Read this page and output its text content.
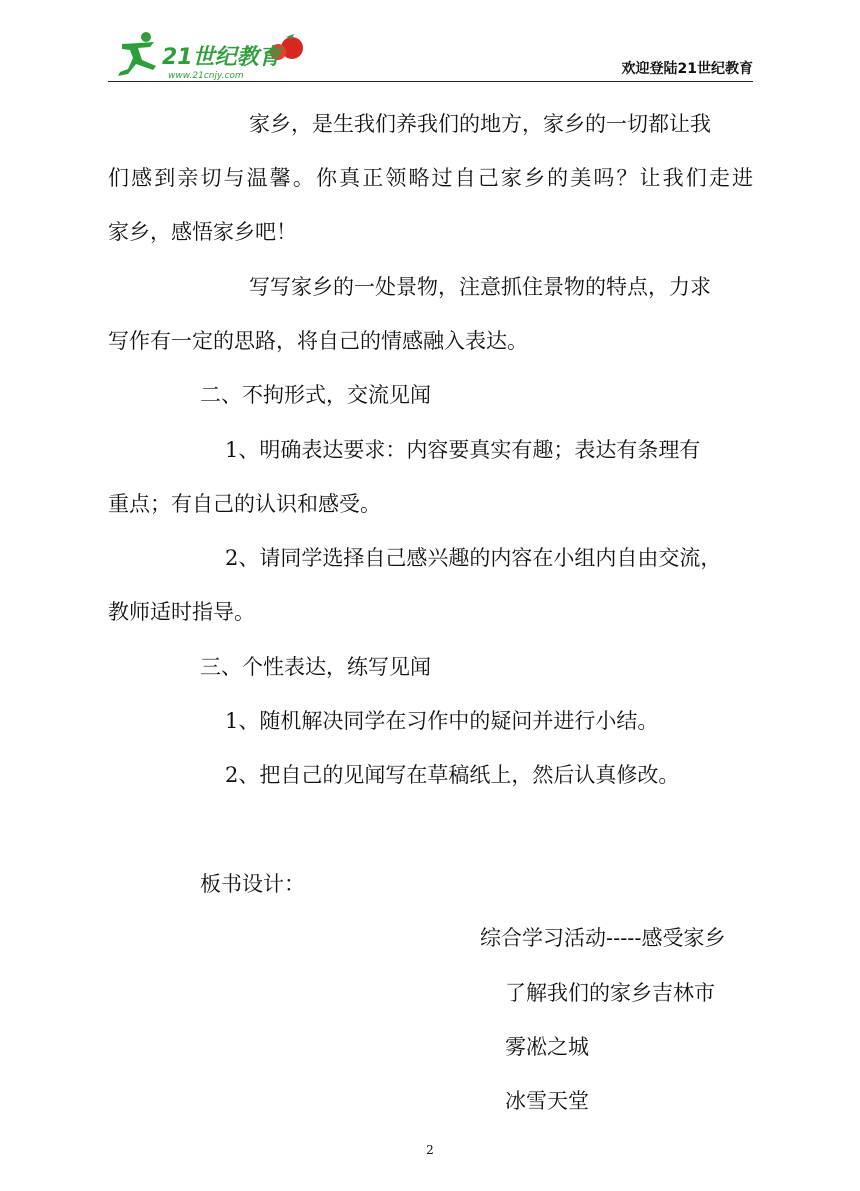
21世纪教育
www.21cnjy.com	欢迎登陆21世纪教育
家乡，是生我们养我们的地方，家乡的一切都让我
们感到亲切与温馨。你真正领略过自己家乡的美吗？让我们走进
家乡，感悟家乡吧！
写写家乡的一处景物，注意抓住景物的特点，力求
写作有一定的思路，将自己的情感融入表达。
二、不拘形式，交流见闻
1、明确表达要求：内容要真实有趣；表达有条理有
重点；有自己的认识和感受。
2、请同学选择自己感兴趣的内容在小组内自由交流，
教师适时指导。
三、个性表达，练写见闻
1、随机解决同学在习作中的疑问并进行小结。
2、把自己的见闻写在草稿纸上，然后认真修改。
板书设计：
综合学习活动-----感受家乡
了解我们的家乡吉林市
雾凇之城
冰雪天堂
2
